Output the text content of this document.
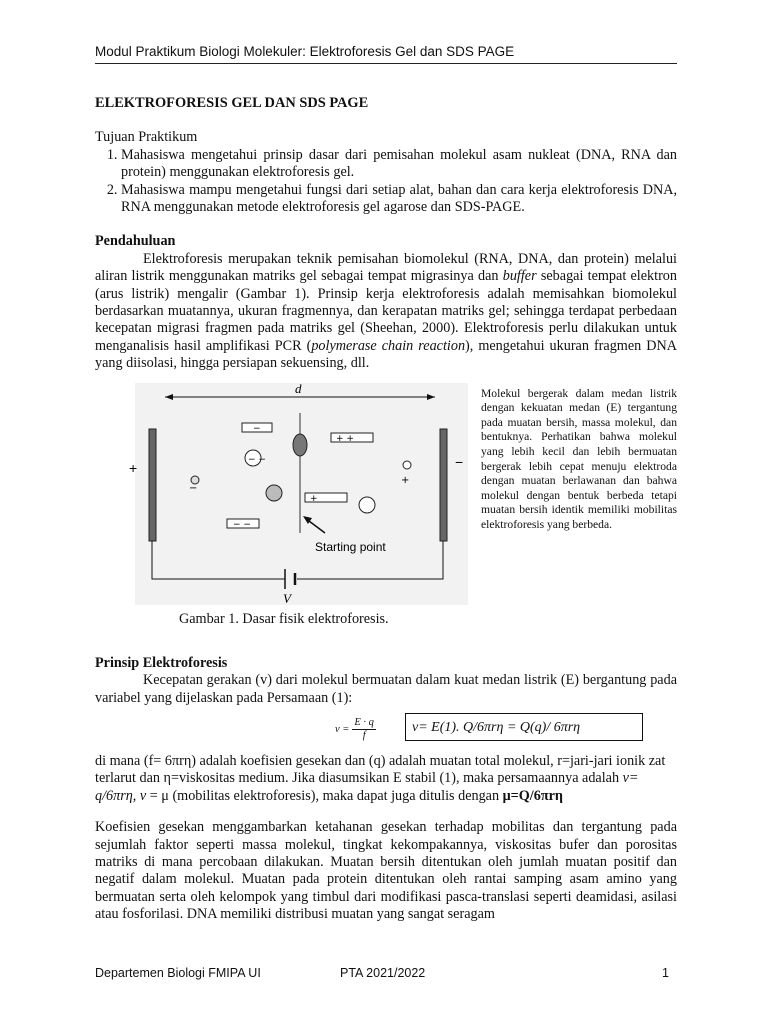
Modul Praktikum Biologi Molekuler: Elektroforesis Gel dan SDS PAGE

ELEKTROFORESIS GEL DAN SDS PAGE

Tujuan Praktikum

1. Mahasiswa mengetahui prinsip dasar dari pemisahan molekul asam nukleat (DNA, RNA dan protein) menggunakan elektroforesis gel.
2. Mahasiswa mampu mengetahui fungsi dari setiap alat, bahan dan cara kerja elektroforesis DNA, RNA menggunakan metode elektroforesis gel agarose dan SDS-PAGE.

Pendahuluan

Elektroforesis merupakan teknik pemisahan biomolekul (RNA, DNA, dan protein) melalui aliran listrik menggunakan matriks gel sebagai tempat migrasinya dan buffer sebagai tempat elektron (arus listrik) mengalir (Gambar 1). Prinsip kerja elektroforesis adalah memisahkan biomolekul berdasarkan muatannya, ukuran fragmennya, dan kerapatan matriks gel; sehingga terdapat perbedaan kecepatan migrasi fragmen pada matriks gel (Sheehan, 2000). Elektroforesis perlu dilakukan untuk menganalisis hasil amplifikasi PCR (polymerase chain reaction), mengetahui ukuran fragmen DNA yang diisolasi, hingga persiapan sekuensing, dll.

d
+	−
V
−
+ +
− −
− −
+
+
−
Starting point
Molekul bergerak dalam medan listrik dengan kekuatan medan (E) tergantung pada muatan bersih, massa molekul, dan bentuknya. Perhatikan bahwa molekul yang lebih kecil dan lebih bermuatan bergerak lebih cepat menuju elektroda dengan muatan berlawanan dan bahwa molekul dengan bentuk berbeda tetapi muatan bersih identik memiliki mobilitas elektroforesis yang berbeda.
Gambar 1. Dasar fisik elektroforesis.

Prinsip Elektroforesis

Kecepatan gerakan (v) dari molekul bermuatan dalam kuat medan listrik (E) bergantung pada variabel yang dijelaskan pada Persamaan (1):

$v = \frac{E \cdot q}{f}$	v= E(1). Q/6πrη = Q(q)/ 6πrη

di mana (f= 6πrη) adalah koefisien gesekan dan (q) adalah muatan total molekul, r=jari-jari ionik zat terlarut dan η=viskositas medium. Jika diasumsikan E stabil (1), maka persamaannya adalah v= q/6πrη, v = μ (mobilitas elektroforesis), maka dapat juga ditulis dengan μ=Q/6πrη

Koefisien gesekan menggambarkan ketahanan gesekan terhadap mobilitas dan tergantung pada sejumlah faktor seperti massa molekul, tingkat kekompakannya, viskositas bufer dan porositas matriks di mana percobaan dilakukan. Muatan bersih ditentukan oleh jumlah muatan positif dan negatif dalam molekul. Muatan pada protein ditentukan oleh rantai samping asam amino yang bermuatan serta oleh kelompok yang timbul dari modifikasi pasca-translasi seperti deamidasi, asilasi atau fosforilasi. DNA memiliki distribusi muatan yang sangat seragam

Departemen Biologi FMIPA UI	PTA 2021/2022	1
